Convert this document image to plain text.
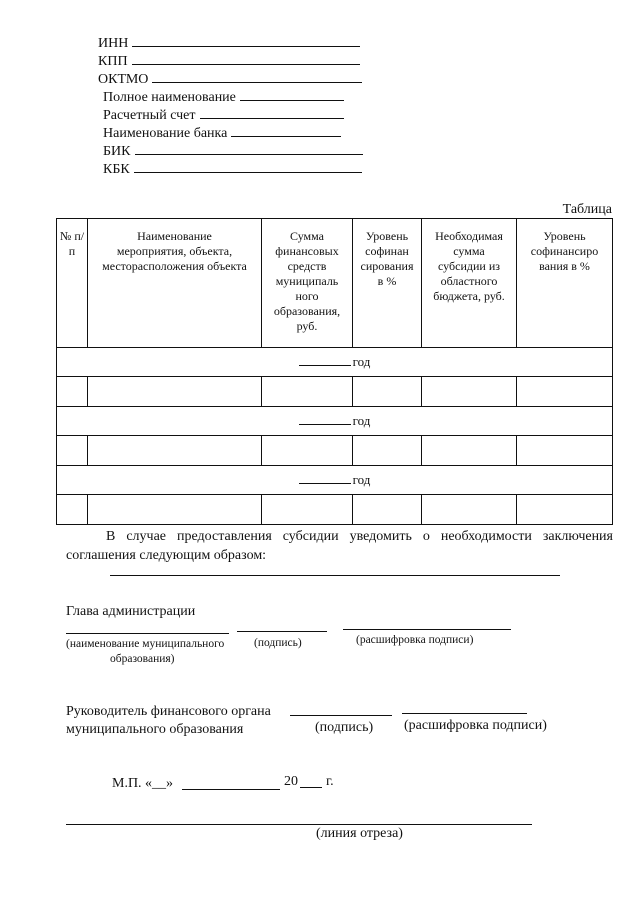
ИНН
КПП
ОКТМО
Полное наименование
Расчетный счет
Наименование банка
БИК
КБК
Таблица
№ п/п	Наименование мероприятия, объекта, месторасположения объекта	Сумма финансовых средств муниципаль ного образования, руб.	Уровень софинан сирования в %	Необходимая сумма субсидии из областного бюджета, руб.	Уровень софинансиро вания в %
год					

год					

год					

В случае предоставления субсидии уведомить о необходимости заключения соглашения следующим образом:
Глава администрации
(наименование муниципального
образования)
(подпись)	(расшифровка подписи)
Руководитель финансового органа
муниципального образования	(подпись) (расшифровка подписи)
М.П. «__»	20 г.
(линия отреза)
